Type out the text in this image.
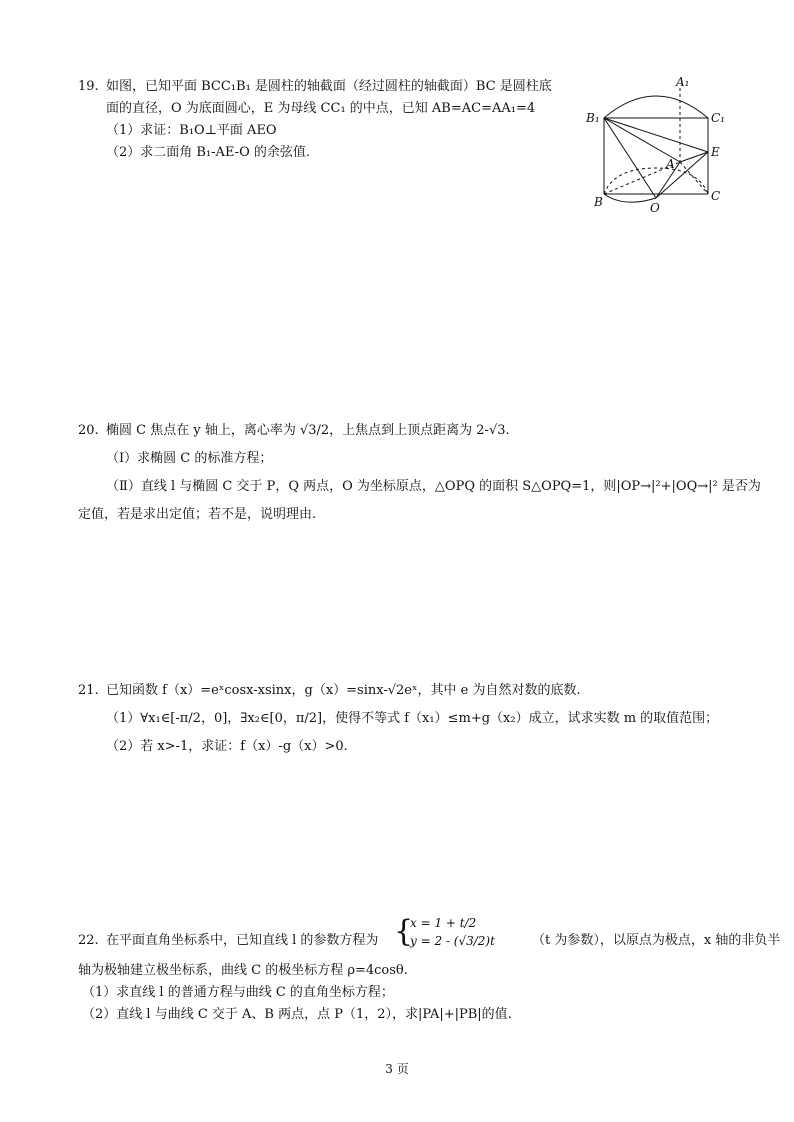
19. 如图，已知平面 BCC₁B₁ 是圆柱的轴截面（经过圆柱的轴截面）BC 是圆柱底
面的直径，O 为底面圆心，E 为母线 CC₁ 的中点，已知 AB=AC=AA₁=4
（1）求证：B₁O⊥平面 AEO
（2）求二面角 B₁-AE-O 的余弦值.
A₁
B₁	C₁
E
A
B	O
C
20. 椭圆 C 焦点在 y 轴上，离心率为 √3/2，上焦点到上顶点距离为 2-√3.
（Ⅰ）求椭圆 C 的标准方程；
（Ⅱ）直线 l 与椭圆 C 交于 P，Q 两点，O 为坐标原点，△OPQ 的面积 S△OPQ=1，则|OP→|²+|OQ→|² 是否为
定值，若是求出定值；若不是，说明理由.
21. 已知函数 f（x）=eˣcosx-xsinx，g（x）=sinx-√2eˣ，其中 e 为自然对数的底数.
（1）∀x₁∈[-π/2，0]，∃x₂∈[0，π/2]，使得不等式 f（x₁）≤m+g（x₂）成立，试求实数 m 的取值范围；
（2）若 x>-1，求证：f（x）-g（x）>0.
22. 在平面直角坐标系中，已知直线 l 的参数方程为 {
x = 1 + t/2
y = 2 - (√3/2)t	（t 为参数），以原点为极点，x 轴的非负半
轴为极轴建立极坐标系，曲线 C 的极坐标方程 ρ=4cosθ.
（1）求直线 l 的普通方程与曲线 C 的直角坐标方程；
（2）直线 l 与曲线 C 交于 A、B 两点，点 P（1，2），求|PA|+|PB|的值.
3 页
